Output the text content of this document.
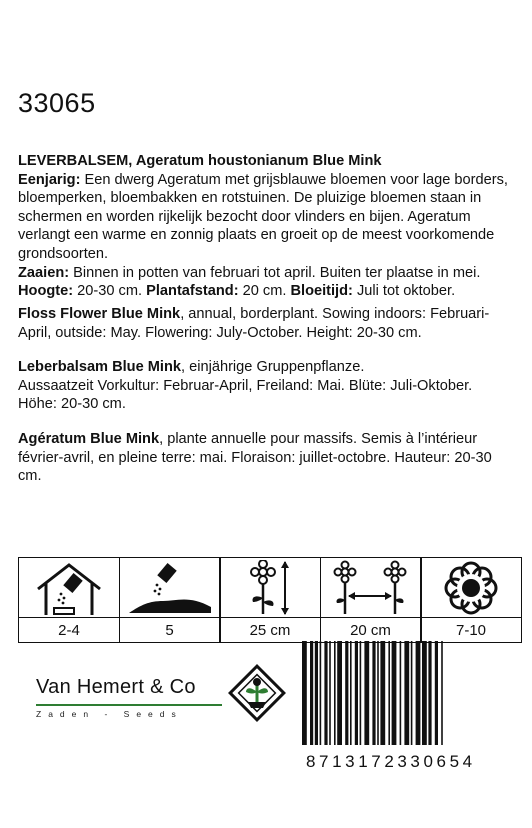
33065
LEVERBALSEM, Ageratum houstonianum Blue Mink
Eenjarig: Een dwerg Ageratum met grijsblauwe bloemen voor lage borders, bloemperken, bloembakken en rotstuinen. De pluizige bloemen staan in schermen en worden rijkelijk bezocht door vlinders en bijen. Ageratum verlangt een warme en zonnig plaats en groeit op de meest voorkomende grondsoorten.
Zaaien: Binnen in potten van februari tot april. Buiten ter plaatse in mei.
Hoogte: 20-30 cm. Plantafstand: 20 cm. Bloeitijd: Juli tot oktober.
Floss Flower Blue Mink, annual, borderplant. Sowing indoors: Februari-April, outside: May. Flowering: July-October. Height: 20-30 cm.
Leberbalsam Blue Mink, einjährige Gruppenpflanze.
Aussaatzeit Vorkultur: Februar-April, Freiland: Mai. Blüte: Juli-Oktober.
Höhe: 20-30 cm.
Agératum Blue Mink, plante annuelle pour massifs. Semis à l’intérieur février-avril, en pleine terre: mai. Floraison: juillet-octobre. Hauteur: 20-30 cm.
2-4	5	25 cm	20 cm	7-10
Van Hemert & Co
Zaden - Seeds
8713172330654
